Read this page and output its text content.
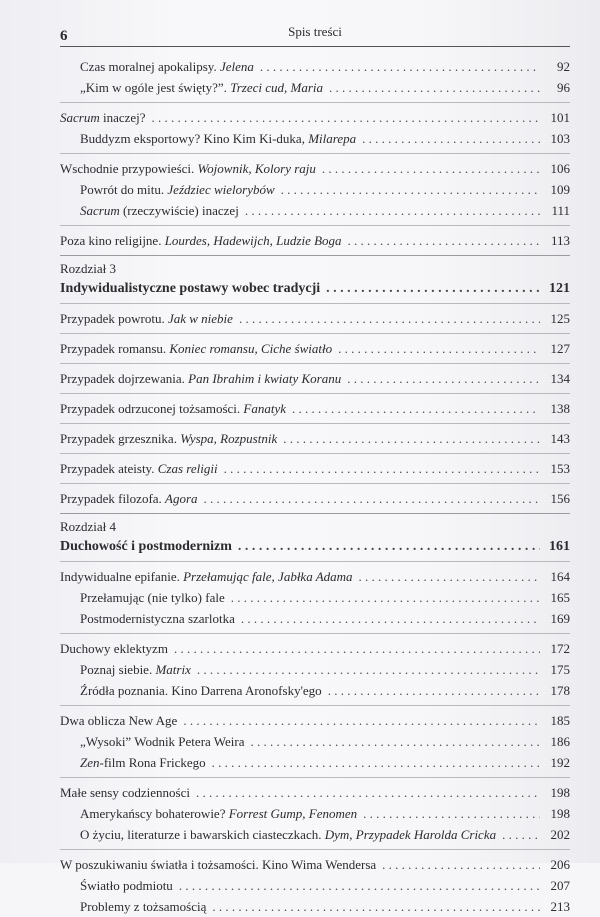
6	Spis treści
Czas moralnej apokalipsy. Jelena . . .	92
„Kim w ogóle jest święty?”. Trzeci cud, Maria . . .	96
Sacrum inaczej? . . .	101
Buddyzm eksportowy? Kino Kim Ki-duka, Milarepa . . .	103
Wschodnie przypowieści. Wojownik, Kolory raju . . .	106
Powrót do mitu. Jeździec wielorybów . . .	109
Sacrum (rzeczywiście) inaczej . . .	111
Poza kino religijne. Lourdes, Hadewijch, Ludzie Boga . . .	113
Rozdział 3
Indywidualistyczne postawy wobec tradycji . . .	121
Przypadek powrotu. Jak w niebie . . .	125
Przypadek romansu. Koniec romansu, Ciche światło . . .	127
Przypadek dojrzewania. Pan Ibrahim i kwiaty Koranu . . .	134
Przypadek odrzuconej tożsamości. Fanatyk . . .	138
Przypadek grzesznika. Wyspa, Rozpustnik . . .	143
Przypadek ateisty. Czas religii . . .	153
Przypadek filozofa. Agora . . .	156
Rozdział 4
Duchowość i postmodernizm . . .	161
Indywidualne epifanie. Przełamując fale, Jabłka Adama . . .	164
Przełamując (nie tylko) fale . . .	165
Postmodernistyczna szarlotka . . .	169
Duchowy eklektyzm . . .	172
Poznaj siebie. Matrix . . .	175
Źródła poznania. Kino Darrena Aronofsky'ego . . .	178
Dwa oblicza New Age . . .	185
„Wysoki” Wodnik Petera Weira . . .	186
Zen-film Rona Frickego . . .	192
Małe sensy codzienności . . .	198
Amerykańscy bohaterowie? Forrest Gump, Fenomen . . .	198
O życiu, literaturze i bawarskich ciasteczkach. Dym, Przypadek Harolda Cricka . . .	202
W poszukiwaniu światła i tożsamości. Kino Wima Wendersa . . .	206
Światło podmiotu . . .	207
Problemy z tożsamością . . .	213
